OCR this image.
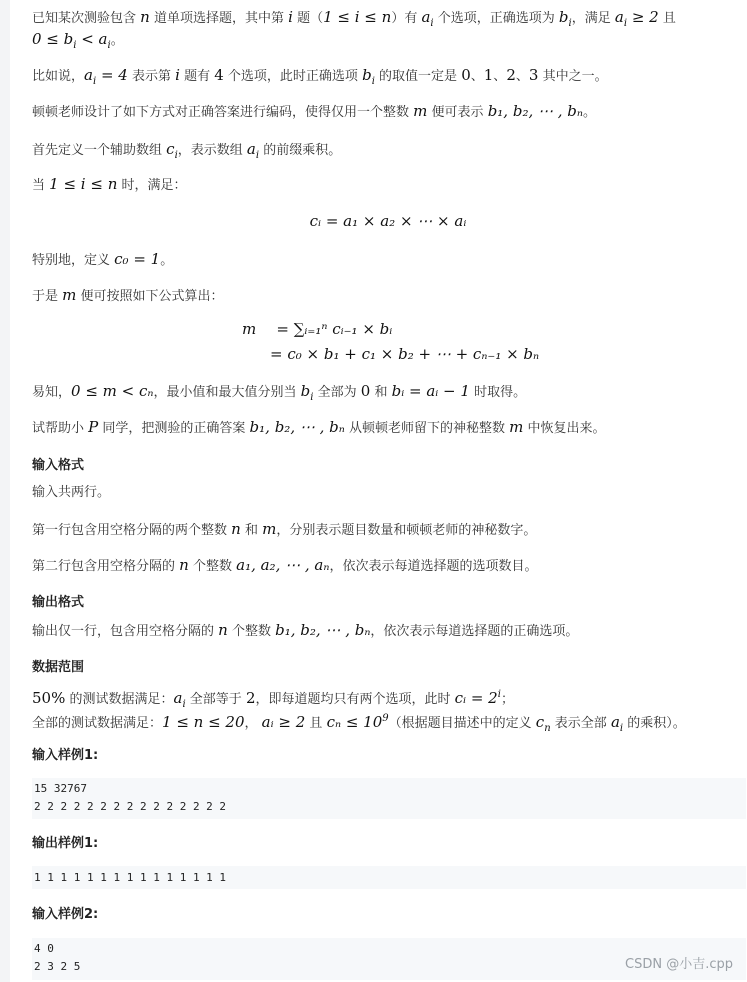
已知某次测验包含 n 道单项选择题，其中第 i 题（1 ≤ i ≤ n）有 $a_i$ 个选项，正确选项为 $b_i$，满足 $a_i \ge 2$ 且
$0 \le b_i < a_i$。
比如说，$a_i = 4$ 表示第 i 题有 4 个选项，此时正确选项 $b_i$ 的取值一定是 0、1、2、3 其中之一。
顿顿老师设计了如下方式对正确答案进行编码，使得仅用一个整数 m 便可表示 b₁, b₂, ⋯ , bₙ。
首先定义一个辅助数组 $c_i$，表示数组 $a_i$ 的前缀乘积。
当 1 ≤ i ≤ n 时，满足：
cᵢ = a₁ × a₂ × ⋯ × aᵢ
特别地，定义 c₀ = 1。
于是 m 便可按照如下公式算出：
m = ∑ᵢ₌₁ⁿ cᵢ₋₁ × bᵢ
= c₀ × b₁ + c₁ × b₂ + ⋯ + cₙ₋₁ × bₙ
易知，0 ≤ m < cₙ，最小值和最大值分别当 $b_i$ 全部为 0 和 bᵢ = aᵢ − 1 时取得。
试帮助小 P 同学，把测验的正确答案 b₁, b₂, ⋯ , bₙ 从顿顿老师留下的神秘整数 m 中恢复出来。
输入格式
输入共两行。
第一行包含用空格分隔的两个整数 n 和 m，分别表示题目数量和顿顿老师的神秘数字。
第二行包含用空格分隔的 n 个整数 a₁, a₂, ⋯ , aₙ，依次表示每道选择题的选项数目。
输出格式
输出仅一行，包含用空格分隔的 n 个整数 b₁, b₂, ⋯ , bₙ，依次表示每道选择题的正确选项。
数据范围
50% 的测试数据满足：$a_i$ 全部等于 2，即每道题均只有两个选项，此时 cᵢ = $2^i$；
全部的测试数据满足：1 ≤ n ≤ 20， aᵢ ≥ 2 且 $c_n \le 10^9$（根据题目描述中的定义 $c_n$ 表示全部 $a_i$ 的乘积）。
输入样例1:
15 32767
2 2 2 2 2 2 2 2 2 2 2 2 2 2 2
输出样例1:
1 1 1 1 1 1 1 1 1 1 1 1 1 1 1
输入样例2:
4 0
2 3 2 5	CSDN @小吉.cpp
